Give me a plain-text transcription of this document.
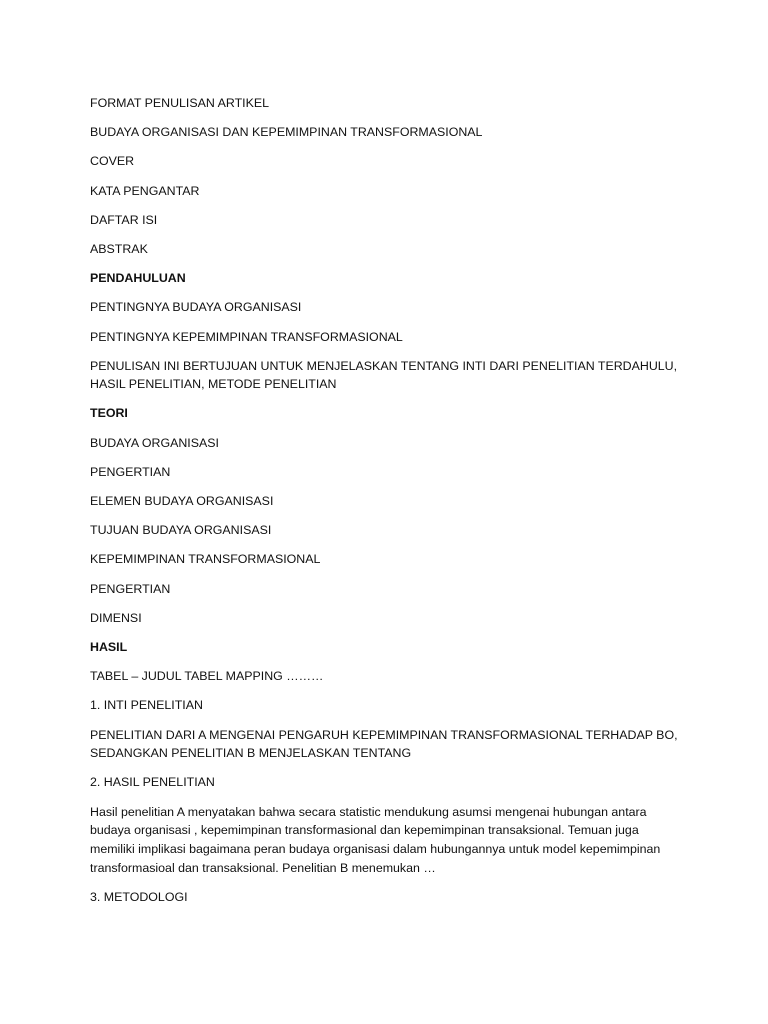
FORMAT PENULISAN ARTIKEL

BUDAYA ORGANISASI DAN KEPEMIMPINAN TRANSFORMASIONAL

COVER

KATA PENGANTAR

DAFTAR ISI

ABSTRAK

PENDAHULUAN

PENTINGNYA BUDAYA ORGANISASI

PENTINGNYA KEPEMIMPINAN TRANSFORMASIONAL

PENULISAN INI BERTUJUAN UNTUK MENJELASKAN TENTANG INTI DARI PENELITIAN TERDAHULU, HASIL PENELITIAN, METODE PENELITIAN

TEORI

BUDAYA ORGANISASI

PENGERTIAN

ELEMEN BUDAYA ORGANISASI

TUJUAN BUDAYA ORGANISASI

KEPEMIMPINAN TRANSFORMASIONAL

PENGERTIAN

DIMENSI

HASIL

TABEL – JUDUL TABEL MAPPING ………

1. INTI PENELITIAN

PENELITIAN DARI A MENGENAI PENGARUH KEPEMIMPINAN TRANSFORMASIONAL TERHADAP BO, SEDANGKAN PENELITIAN B MENJELASKAN TENTANG

2. HASIL PENELITIAN

Hasil penelitian A menyatakan bahwa secara statistic mendukung asumsi mengenai hubungan antara budaya organisasi , kepemimpinan transformasional dan kepemimpinan transaksional. Temuan juga memiliki implikasi bagaimana peran budaya organisasi dalam hubungannya untuk model kepemimpinan transformasioal dan transaksional. Penelitian B menemukan …

3. METODOLOGI
